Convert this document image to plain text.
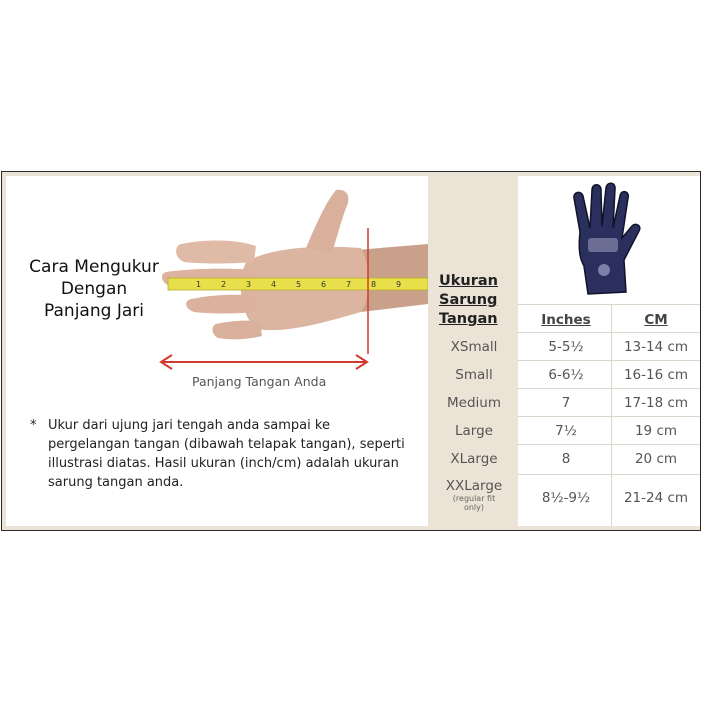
Cara Mengukur
Dengan
Panjang Jari
1 2 3 4 5 6 7 8 9
Panjang Tangan Anda
* Ukur dari ujung jari tengah anda sampai ke pergelangan tangan (dibawah telapak tangan), seperti illustrasi diatas. Hasil ukuran (inch/cm) adalah ukuran sarung tangan anda.
Ukuran
Sarung
Tangan	Inches	CM
XSmall	5-5½	13-14 cm
Small	6-6½	16-16 cm
Medium	7	17-18 cm
Large	7½	19 cm
XLarge	8	20 cm
XXLarge
(regular fit
only)
8½-9½	21-24 cm
